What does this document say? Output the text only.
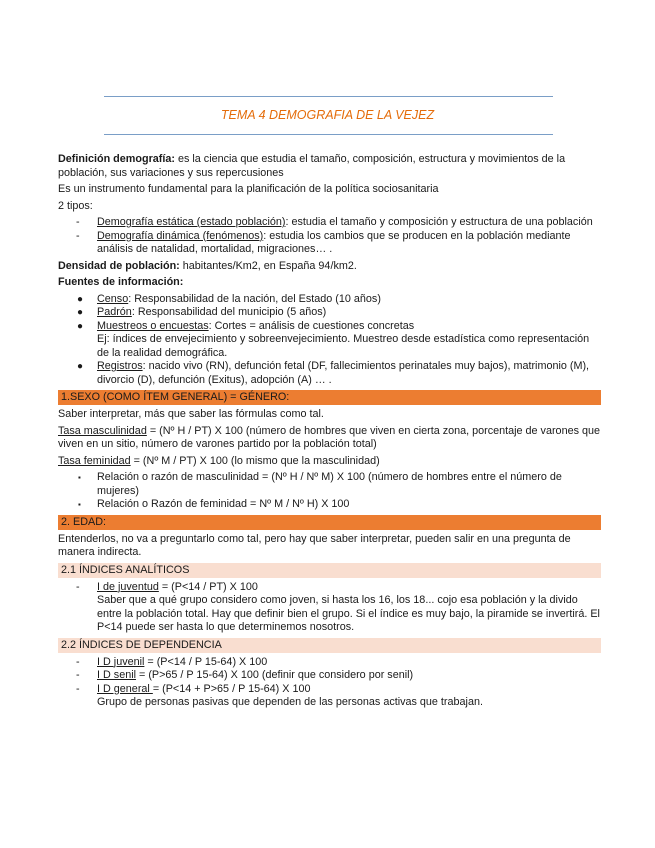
TEMA 4 DEMOGRAFIA DE LA VEJEZ

Definición demografía: es la ciencia que estudia el tamaño, composición, estructura y movimientos de la población, sus variaciones y sus repercusiones

Es un instrumento fundamental para la planificación de la política sociosanitaria

2 tipos:

- Demografía estática (estado población): estudia el tamaño y composición y estructura de una población
- Demografía dinámica (fenómenos): estudia los cambios que se producen en la población mediante análisis de natalidad, mortalidad, migraciones… .

Densidad de población: habitantes/Km2, en España 94/km2.

Fuentes de información:

● Censo: Responsabilidad de la nación, del Estado (10 años)
● Padrón: Responsabilidad del municipio (5 años)
● Muestreos o encuestas: Cortes = análisis de cuestiones concretas
Ej: índices de envejecimiento y sobreenvejecimiento. Muestreo desde estadística como representación de la realidad demográfica.
● Registros: nacido vivo (RN), defunción fetal (DF, fallecimientos perinatales muy bajos), matrimonio (M), divorcio (D), defunción (Exitus), adopción (A) … .
1.SEXO (COMO ÍTEM GENERAL) = GÉNERO:

Saber interpretar, más que saber las fórmulas como tal.

Tasa masculinidad = (Nº H / PT) X 100 (número de hombres que viven en cierta zona, porcentaje de varones que viven en un sitio, número de varones partido por la población total)

Tasa feminidad = (Nº M / PT) X 100 (lo mismo que la masculinidad)

▪ Relación o razón de masculinidad = (Nº H / Nº M) X 100 (número de hombres entre el número de mujeres)
▪ Relación o Razón de feminidad = Nº M / Nº H) X 100
2. EDAD:

Entenderlos, no va a preguntarlo como tal, pero hay que saber interpretar, pueden salir en una pregunta de manera indirecta.

2.1 ÍNDICES ANALÍTICOS
- I de juventud = (P<14 / PT) X 100
Saber que a qué grupo considero como joven, si hasta los 16, los 18... cojo esa población y la divido entre la población total. Hay que definir bien el grupo. Si el índice es muy bajo, la piramide se invertirá. El P<14 puede ser hasta lo que determinemos nosotros.
2.2 ÍNDICES DE DEPENDENCIA
- I D juvenil = (P<14 / P 15-64) X 100
- I D senil = (P>65 / P 15-64) X 100 (definir que considero por senil)
- I D general = (P<14 + P>65 / P 15-64) X 100
Grupo de personas pasivas que dependen de las personas activas que trabajan.
